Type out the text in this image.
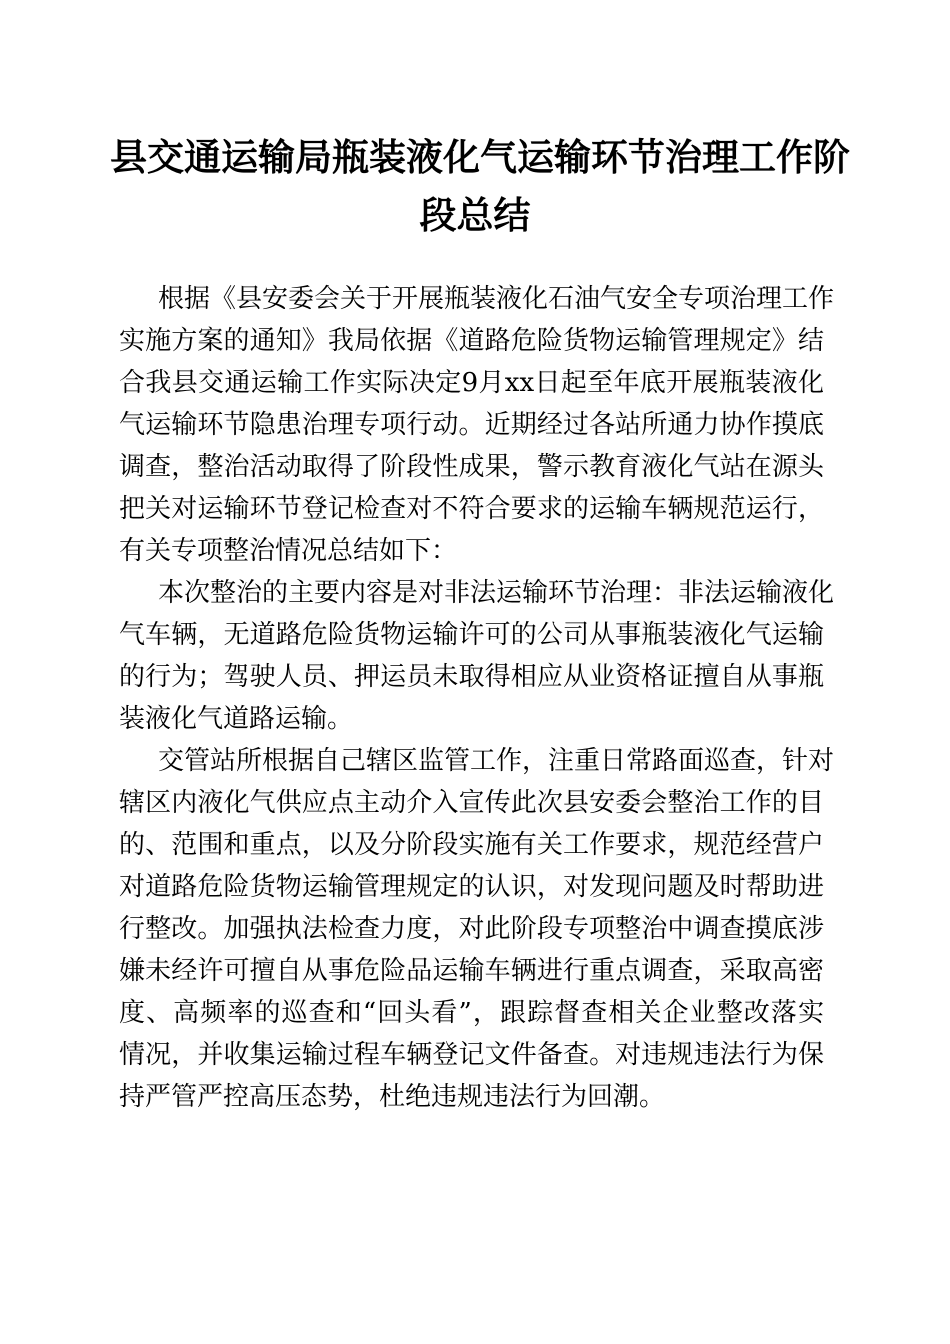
县交通运输局瓶装液化气运输环节治理工作阶
段总结
根据《县安委会关于开展瓶装液化石油气安全专项治理工作
实施方案的通知》我局依据《道路危险货物运输管理规定》结
合我县交通运输工作实际决定9月xx日起至年底开展瓶装液化
气运输环节隐患治理专项行动。近期经过各站所通力协作摸底
调查，整治活动取得了阶段性成果，警示教育液化气站在源头
把关对运输环节登记检查对不符合要求的运输车辆规范运行，
有关专项整治情况总结如下：
本次整治的主要内容是对非法运输环节治理：非法运输液化
气车辆，无道路危险货物运输许可的公司从事瓶装液化气运输
的行为；驾驶人员、押运员未取得相应从业资格证擅自从事瓶
装液化气道路运输。
交管站所根据自己辖区监管工作，注重日常路面巡查，针对
辖区内液化气供应点主动介入宣传此次县安委会整治工作的目
的、范围和重点，以及分阶段实施有关工作要求，规范经营户
对道路危险货物运输管理规定的认识，对发现问题及时帮助进
行整改。加强执法检查力度，对此阶段专项整治中调查摸底涉
嫌未经许可擅自从事危险品运输车辆进行重点调查，采取高密
度、高频率的巡查和“回头看”，跟踪督查相关企业整改落实
情况，并收集运输过程车辆登记文件备查。对违规违法行为保
持严管严控高压态势，杜绝违规违法行为回潮。
